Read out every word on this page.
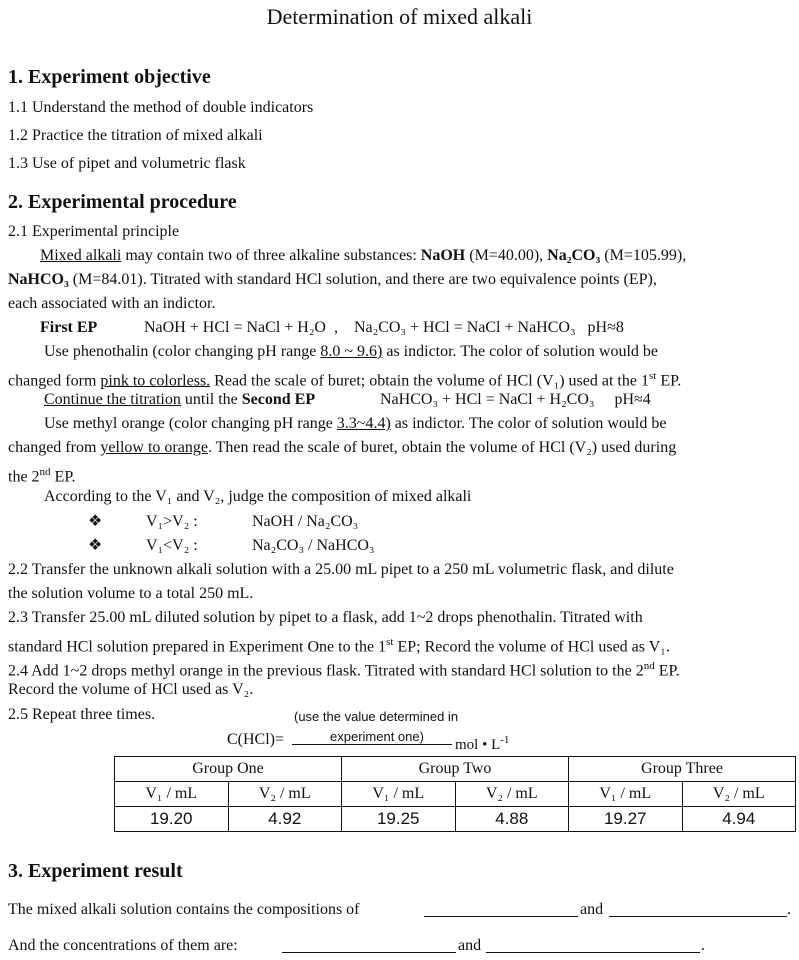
Determination of mixed alkali
1. Experiment objective
1.1 Understand the method of double indicators
1.2 Practice the titration of mixed alkali
1.3 Use of pipet and volumetric flask
2. Experimental procedure
2.1 Experimental principle
Mixed alkali may contain two of three alkaline substances: NaOH (M=40.00), Na₂CO₃ (M=105.99),
NaHCO₃ (M=84.01). Titrated with standard HCl solution, and there are two equivalence points (EP),
each associated with an indictor.
First EP	NaOH + HCl = NaCl + H₂O  ,    Na₂CO₃ + HCl = NaCl + NaHCO₃   pH≈8
Use phenothalin (color changing pH range 8.0 ~ 9.6) as indictor. The color of solution would be
changed form pink to colorless. Read the scale of buret; obtain the volume of HCl (V₁) used at the 1st EP.
Continue the titration until the Second EP	NaHCO₃ + HCl = NaCl + H₂CO₃     pH≈4
Use methyl orange (color changing pH range 3.3~4.4) as indictor. The color of solution would be
changed from yellow to orange. Then read the scale of buret, obtain the volume of HCl (V₂) used during
the 2nd EP.
According to the V₁ and V₂, judge the composition of mixed alkali
❖	V₁>V₂ :	NaOH / Na₂CO₃
❖	V₁<V₂ :	Na₂CO₃ / NaHCO₃
2.2 Transfer the unknown alkali solution with a 25.00 mL pipet to a 250 mL volumetric flask, and dilute
the solution volume to a total 250 mL.
2.3 Transfer 25.00 mL diluted solution by pipet to a flask, add 1~2 drops phenothalin. Titrated with
standard HCl solution prepared in Experiment One to the 1st EP; Record the volume of HCl used as V₁.
2.4 Add 1~2 drops methyl orange in the previous flask. Titrated with standard HCl solution to the 2nd EP.
Record the volume of HCl used as V₂.
2.5 Repeat three times.	(use the value determined in
C(HCl)=	experiment one)
mol • $L^{-1}$
Group One		Group Two		Group Three	
V₁ / mL	V₂ / mL	V₁ / mL	V₂ / mL	V₁ / mL	V₂ / mL
19.20	4.92	19.25	4.88	19.27	4.94
3. Experiment result
The mixed alkali solution contains the compositions of	and	.
And the concentrations of them are:	and	.
